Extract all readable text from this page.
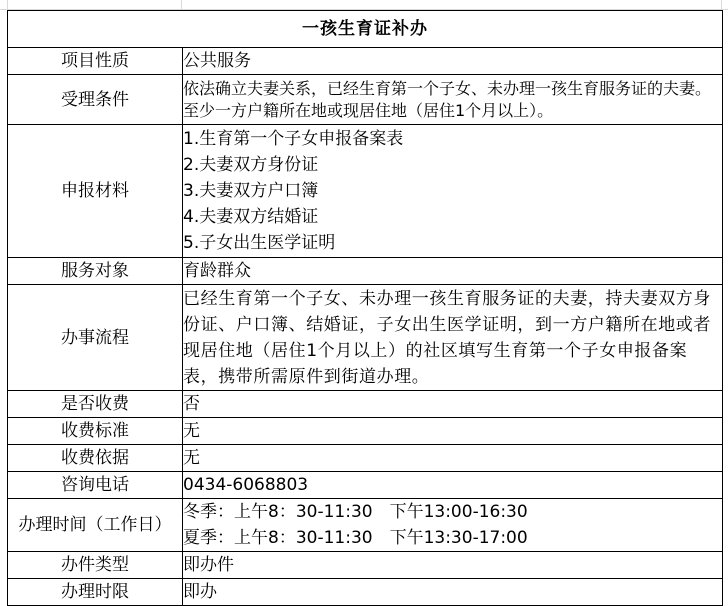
一孩生育证补办	
项目性质	公共服务
受理条件	依法确立夫妻关系，已经生育第一个子女、未办理一孩生育服务证的夫妻。至少一方户籍所在地或现居住地（居住1个月以上）。

申报材料	1.生育第一个子女申报备案表
2.夫妻双方身份证
3.夫妻双方户口簿
4.夫妻双方结婚证
5.子女出生医学证明

服务对象	育龄群众
办事流程	已经生育第一个子女、未办理一孩生育服务证的夫妻，持夫妻双方身份证、户口簿、结婚证，子女出生医学证明，到一方户籍所在地或者现居住地（居住1个月以上）的社区填写生育第一个子女申报备案表，携带所需原件到街道办理。

是否收费	否
收费标准	无
收费依据	无
咨询电话	0434-6068803

办理时间（工作日）	冬季：上午8：30-11:30　下午13:00-16:30
夏季：上午8：30-11:30　下午13:30-17:00

办件类型	即办件
办理时限	即办
